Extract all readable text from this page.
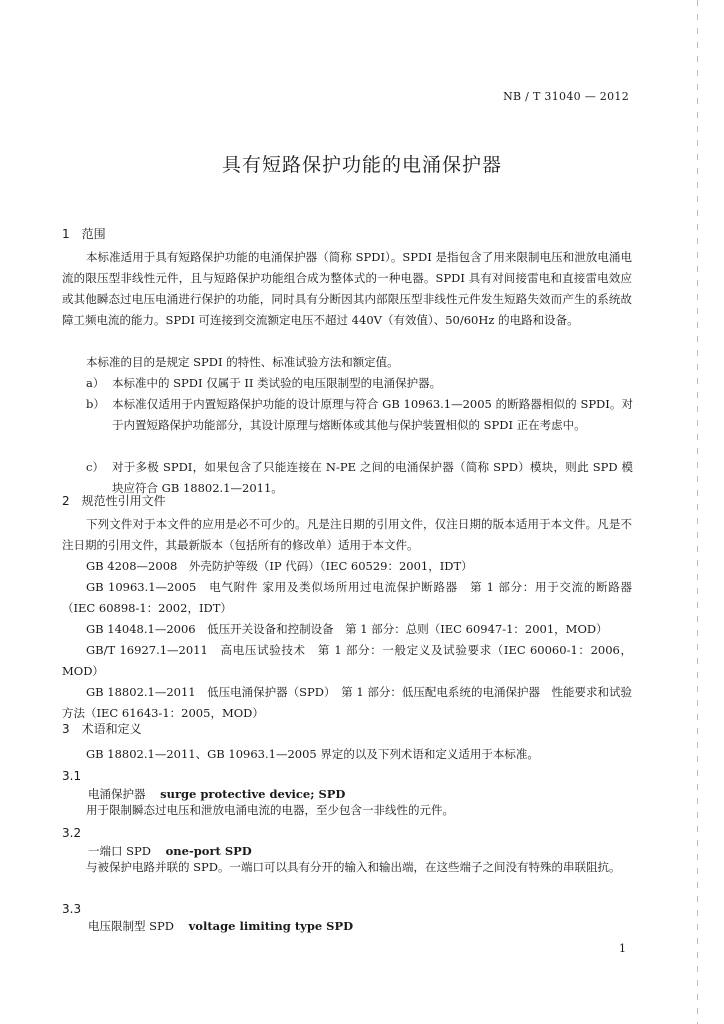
NB / T 31040 — 2012
具有短路保护功能的电涌保护器
1　范围
本标准适用于具有短路保护功能的电涌保护器（简称 SPDI）。SPDI 是指包含了用来限制电压和泄放电涌电流的限压型非线性元件，且与短路保护功能组合成为整体式的一种电器。SPDI 具有对间接雷电和直接雷电效应或其他瞬态过电压电涌进行保护的功能，同时具有分断因其内部限压型非线性元件发生短路失效而产生的系统故障工频电流的能力。SPDI 可连接到交流额定电压不超过 440V（有效值）、50/60Hz 的电路和设备。
本标准的目的是规定 SPDI 的特性、标准试验方法和额定值。
a） 本标准中的 SPDI 仅属于 II 类试验的电压限制型的电涌保护器。
b） 本标准仅适用于内置短路保护功能的设计原理与符合 GB 10963.1—2005 的断路器相似的 SPDI。对于内置短路保护功能部分，其设计原理与熔断体或其他与保护装置相似的 SPDI 正在考虑中。
c） 对于多极 SPDI，如果包含了只能连接在 N-PE 之间的电涌保护器（简称 SPD）模块，则此 SPD 模块应符合 GB 18802.1—2011。
2　规范性引用文件
下列文件对于本文件的应用是必不可少的。凡是注日期的引用文件，仅注日期的版本适用于本文件。凡是不注日期的引用文件，其最新版本（包括所有的修改单）适用于本文件。
GB 4208—2008　外壳防护等级（IP 代码）（IEC 60529：2001，IDT）
GB 10963.1—2005　电气附件 家用及类似场所用过电流保护断路器　第 1 部分：用于交流的断路器（IEC 60898-1：2002，IDT）
GB 14048.1—2006　低压开关设备和控制设备　第 1 部分：总则（IEC 60947-1：2001，MOD）
GB/T 16927.1—2011　高电压试验技术　第 1 部分：一般定义及试验要求（IEC 60060-1：2006，MOD）
GB 18802.1—2011　低压电涌保护器（SPD）　第 1 部分：低压配电系统的电涌保护器　性能要求和试验方法（IEC 61643-1：2005，MOD）
3　术语和定义
GB 18802.1—2011、GB 10963.1—2005 界定的以及下列术语和定义适用于本标准。
3.1
电涌保护器 surge protective device; SPD
用于限制瞬态过电压和泄放电涌电流的电器，至少包含一非线性的元件。
3.2
一端口 SPD one-port SPD
与被保护电路并联的 SPD。一端口可以具有分开的输入和输出端，在这些端子之间没有特殊的串联阻抗。
3.3
电压限制型 SPD voltage limiting type SPD
1
